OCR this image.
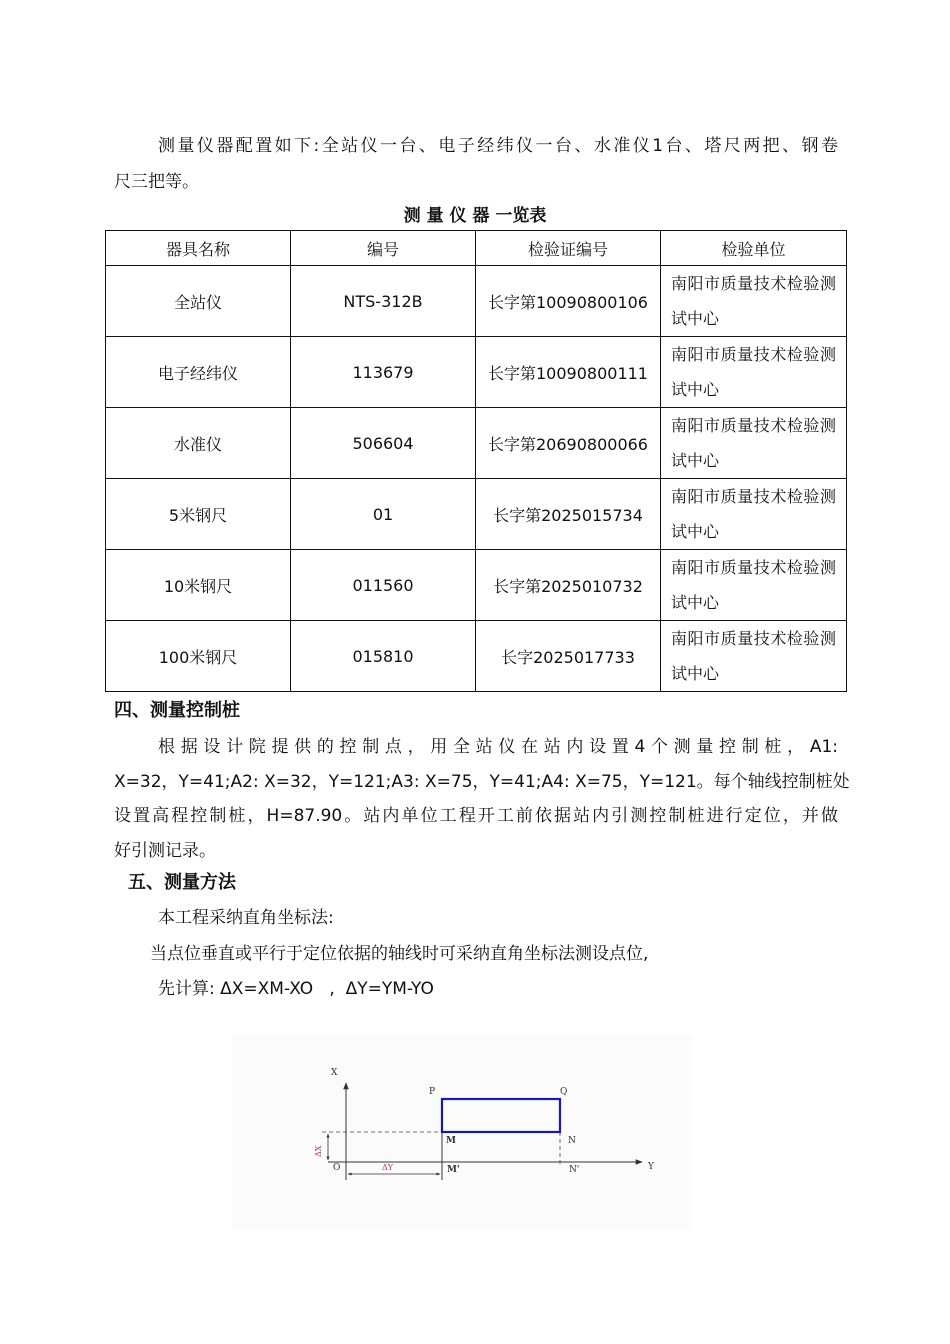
测量仪器配置如下:全站仪一台、电子经纬仪一台、水准仪1台、塔尺两把、钢卷
尺三把等。
测 量 仪 器 一览表
器具名称	编号	检验证编号	检验单位
全站仪	NTS-312B	长字第10090800106	南阳市质量技术检验测试中心
电子经纬仪	113679	长字第10090800111	南阳市质量技术检验测试中心
水准仪	506604	长字第20690800066	南阳市质量技术检验测试中心
5米钢尺	01	长字第2025015734	南阳市质量技术检验测试中心
10米钢尺	011560	长字第2025010732	南阳市质量技术检验测试中心
100米钢尺	015810	长字2025017733	南阳市质量技术检验测试中心
四、测量控制桩
根据设计院提供的控制点，用全站仪在站内设置4个测量控制桩，A1:
X=32，Y=41;A2: X=32，Y=121;A3: X=75，Y=41;A4: X=75，Y=121。每个轴线控制桩处
设置高程控制桩，H=87.90。站内单位工程开工前依据站内引测控制桩进行定位，并做
好引测记录。
五、测量方法
本工程采纳直角坐标法:
当点位垂直或平行于定位依据的轴线时可采纳直角坐标法测设点位,
先计算: ΔX=XM-XO   ,  ΔY=YM-YO
X
Y
O
P	Q
M	N
M'	N'
ΔX
ΔY
